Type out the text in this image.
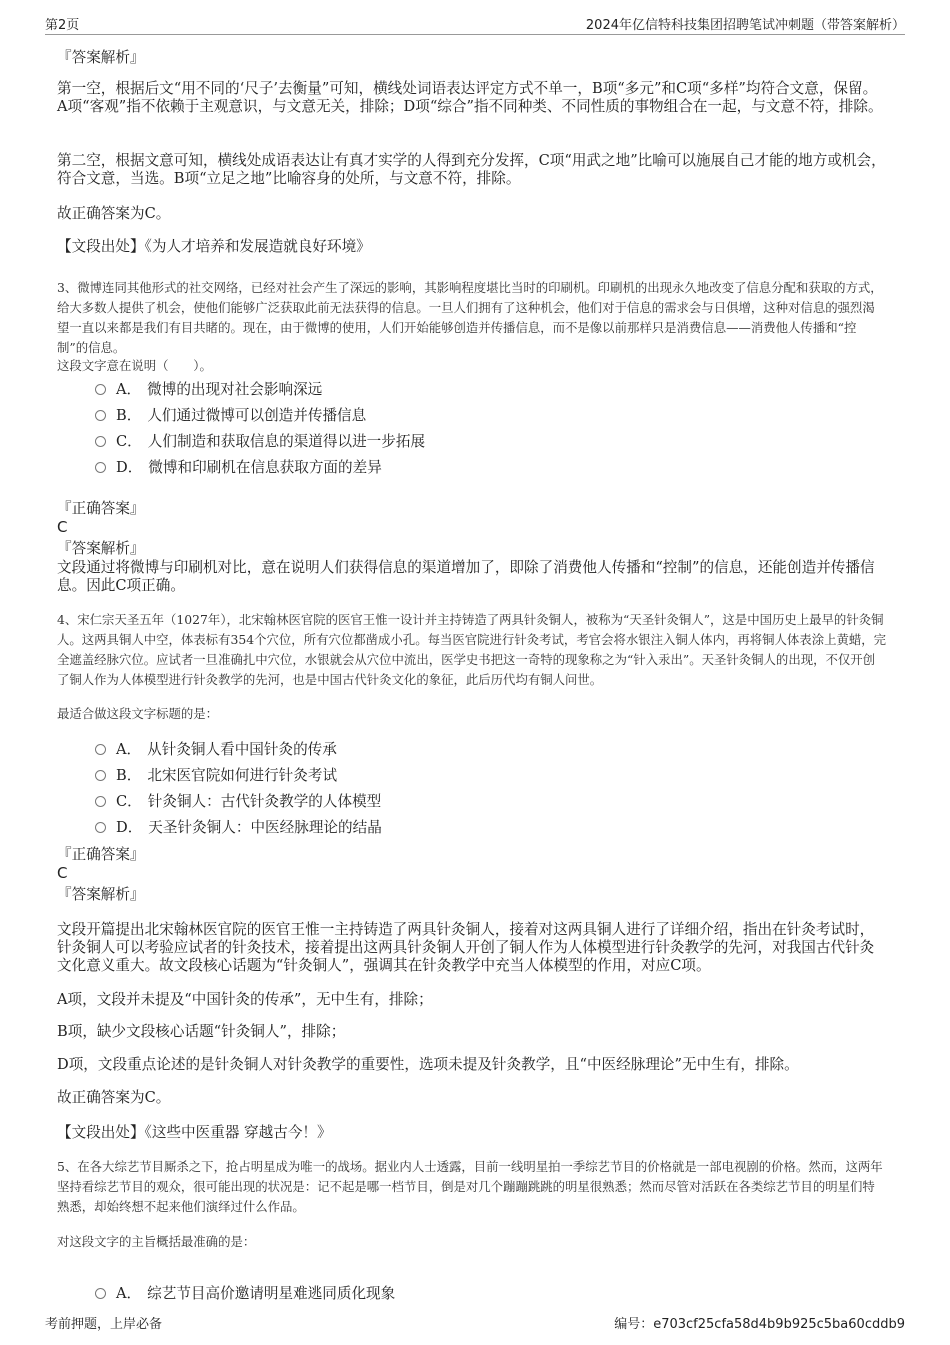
第2页	2024年亿信特科技集团招聘笔试冲刺题（带答案解析）
『答案解析』
第一空，根据后文“用不同的‘尺子’去衡量”可知，横线处词语表达评定方式不单一，B项“多元”和C项“多样”均符合文意，保留。A项“客观”指不依赖于主观意识，与文意无关，排除；D项“综合”指不同种类、不同性质的事物组合在一起，与文意不符，排除。
第二空，根据文意可知，横线处成语表达让有真才实学的人得到充分发挥，C项“用武之地”比喻可以施展自己才能的地方或机会，符合文意，当选。B项“立足之地”比喻容身的处所，与文意不符，排除。
故正确答案为C。
【文段出处】《为人才培养和发展造就良好环境》
3、微博连同其他形式的社交网络，已经对社会产生了深远的影响，其影响程度堪比当时的印刷机。印刷机的出现永久地改变了信息分配和获取的方式，给大多数人提供了机会，使他们能够广泛获取此前无法获得的信息。一旦人们拥有了这种机会，他们对于信息的需求会与日俱增，这种对信息的强烈渴望一直以来都是我们有目共睹的。现在，由于微博的使用，人们开始能够创造并传播信息，而不是像以前那样只是消费信息——消费他人传播和“控制”的信息。
这段文字意在说明（　　）。
A． 微博的出现对社会影响深远
B． 人们通过微博可以创造并传播信息
C． 人们制造和获取信息的渠道得以进一步拓展
D． 微博和印刷机在信息获取方面的差异
『正确答案』
C
『答案解析』
文段通过将微博与印刷机对比，意在说明人们获得信息的渠道增加了，即除了消费他人传播和“控制”的信息，还能创造并传播信息。因此C项正确。
4、宋仁宗天圣五年（1027年），北宋翰林医官院的医官王惟一设计并主持铸造了两具针灸铜人，被称为“天圣针灸铜人”，这是中国历史上最早的针灸铜人。这两具铜人中空，体表标有354个穴位，所有穴位都凿成小孔。每当医官院进行针灸考试，考官会将水银注入铜人体内，再将铜人体表涂上黄蜡，完全遮盖经脉穴位。应试者一旦准确扎中穴位，水银就会从穴位中流出，医学史书把这一奇特的现象称之为“针入汞出”。天圣针灸铜人的出现，不仅开创了铜人作为人体模型进行针灸教学的先河，也是中国古代针灸文化的象征，此后历代均有铜人问世。
最适合做这段文字标题的是：
A． 从针灸铜人看中国针灸的传承
B． 北宋医官院如何进行针灸考试
C． 针灸铜人：古代针灸教学的人体模型
D． 天圣针灸铜人：中医经脉理论的结晶
『正确答案』
C
『答案解析』
文段开篇提出北宋翰林医官院的医官王惟一主持铸造了两具针灸铜人，接着对这两具铜人进行了详细介绍，指出在针灸考试时，针灸铜人可以考验应试者的针灸技术，接着提出这两具针灸铜人开创了铜人作为人体模型进行针灸教学的先河，对我国古代针灸文化意义重大。故文段核心话题为“针灸铜人”，强调其在针灸教学中充当人体模型的作用，对应C项。
A项，文段并未提及“中国针灸的传承”，无中生有，排除；
B项，缺少文段核心话题“针灸铜人”，排除；
D项，文段重点论述的是针灸铜人对针灸教学的重要性，选项未提及针灸教学，且“中医经脉理论”无中生有，排除。
故正确答案为C。
【文段出处】《这些中医重器 穿越古今！》
5、在各大综艺节目厮杀之下，抢占明星成为唯一的战场。据业内人士透露，目前一线明星拍一季综艺节目的价格就是一部电视剧的价格。然而，这两年坚持看综艺节目的观众，很可能出现的状况是：记不起是哪一档节目，倒是对几个蹦蹦跳跳的明星很熟悉；然而尽管对活跃在各类综艺节目的明星们特熟悉，却始终想不起来他们演绎过什么作品。
对这段文字的主旨概括最准确的是：
A． 综艺节目高价邀请明星难逃同质化现象
考前押题，上岸必备	编号：e703cf25cfa58d4b9b925c5ba60cddb9
